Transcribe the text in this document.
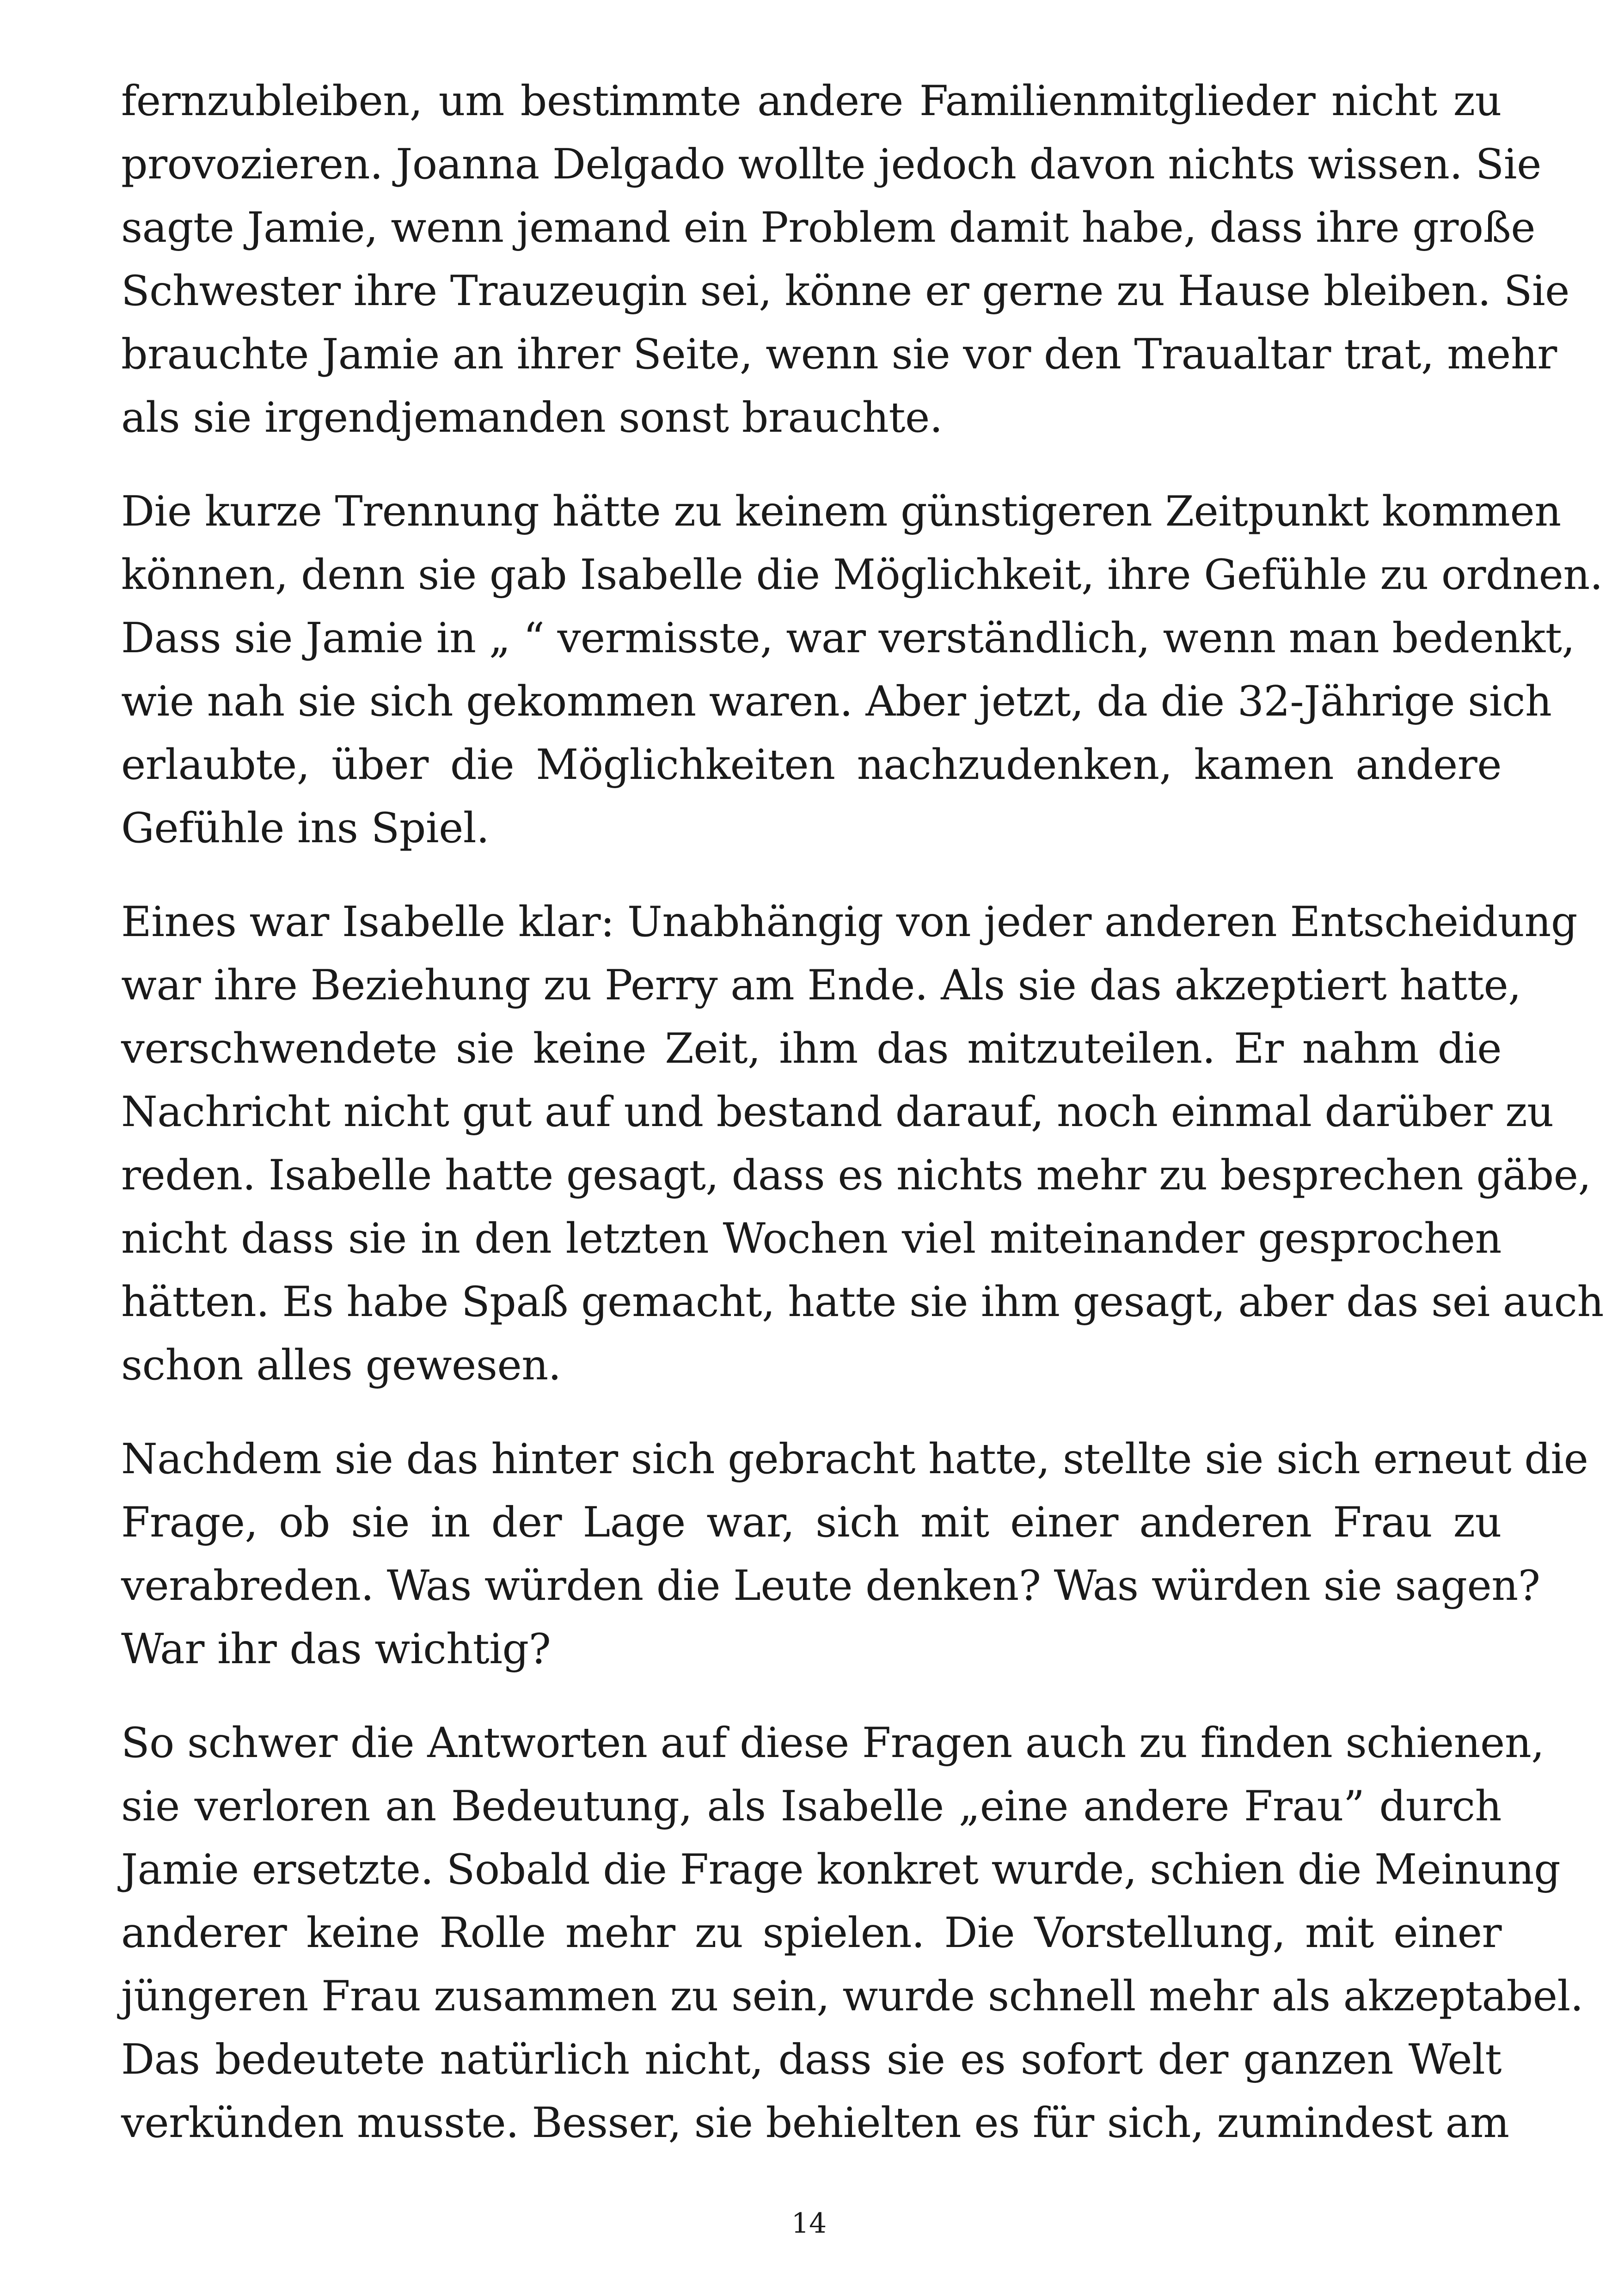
fernzubleiben, um bestimmte andere Familienmitglieder nicht zu
provozieren. Joanna Delgado wollte jedoch davon nichts wissen. Sie
sagte Jamie, wenn jemand ein Problem damit habe, dass ihre große
Schwester ihre Trauzeugin sei, könne er gerne zu Hause bleiben. Sie
brauchte Jamie an ihrer Seite, wenn sie vor den Traualtar trat, mehr
als sie irgendjemanden sonst brauchte.

Die kurze Trennung hätte zu keinem günstigeren Zeitpunkt kommen
können, denn sie gab Isabelle die Möglichkeit, ihre Gefühle zu ordnen.
Dass sie Jamie in „ “ vermisste, war verständlich, wenn man bedenkt,
wie nah sie sich gekommen waren. Aber jetzt, da die 32-Jährige sich
erlaubte, über die Möglichkeiten nachzudenken, kamen andere
Gefühle ins Spiel.

Eines war Isabelle klar: Unabhängig von jeder anderen Entscheidung
war ihre Beziehung zu Perry am Ende. Als sie das akzeptiert hatte,
verschwendete sie keine Zeit, ihm das mitzuteilen. Er nahm die
Nachricht nicht gut auf und bestand darauf, noch einmal darüber zu
reden. Isabelle hatte gesagt, dass es nichts mehr zu besprechen gäbe,
nicht dass sie in den letzten Wochen viel miteinander gesprochen
hätten. Es habe Spaß gemacht, hatte sie ihm gesagt, aber das sei auch
schon alles gewesen.

Nachdem sie das hinter sich gebracht hatte, stellte sie sich erneut die
Frage, ob sie in der Lage war, sich mit einer anderen Frau zu
verabreden. Was würden die Leute denken? Was würden sie sagen?
War ihr das wichtig?

So schwer die Antworten auf diese Fragen auch zu finden schienen,
sie verloren an Bedeutung, als Isabelle „eine andere Frau” durch
Jamie ersetzte. Sobald die Frage konkret wurde, schien die Meinung
anderer keine Rolle mehr zu spielen. Die Vorstellung, mit einer
jüngeren Frau zusammen zu sein, wurde schnell mehr als akzeptabel.
Das bedeutete natürlich nicht, dass sie es sofort der ganzen Welt
verkünden musste. Besser, sie behielten es für sich, zumindest am

14
